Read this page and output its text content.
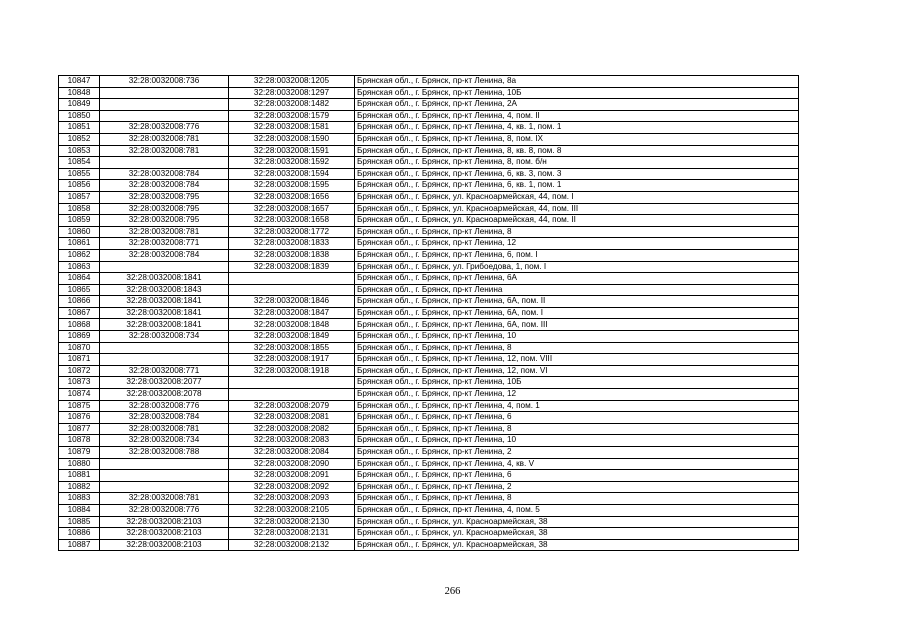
10847	32:28:0032008:736	32:28:0032008:1205	Брянская обл., г. Брянск, пр-кт Ленина, 8а
10848		32:28:0032008:1297	Брянская обл., г. Брянск, пр-кт Ленина, 10Б
10849		32:28:0032008:1482	Брянская обл., г. Брянск, пр-кт Ленина, 2А
10850		32:28:0032008:1579	Брянская обл., г. Брянск, пр-кт Ленина, 4, пом. II
10851	32:28:0032008:776	32:28:0032008:1581	Брянская обл., г. Брянск, пр-кт Ленина, 4, кв. 1, пом. 1
10852	32:28:0032008:781	32:28:0032008:1590	Брянская обл., г. Брянск, пр-кт Ленина, 8, пом. IX
10853	32:28:0032008:781	32:28:0032008:1591	Брянская обл., г. Брянск, пр-кт Ленина, 8, кв. 8, пом. 8
10854		32:28:0032008:1592	Брянская обл., г. Брянск, пр-кт Ленина, 8, пом. б/н
10855	32:28:0032008:784	32:28:0032008:1594	Брянская обл., г. Брянск, пр-кт Ленина, 6, кв. 3, пом. 3
10856	32:28:0032008:784	32:28:0032008:1595	Брянская обл., г. Брянск, пр-кт Ленина, 6, кв. 1, пом. 1
10857	32:28:0032008:795	32:28:0032008:1656	Брянская обл., г. Брянск, ул. Красноармейская, 44, пом. I
10858	32:28:0032008:795	32:28:0032008:1657	Брянская обл., г. Брянск, ул. Красноармейская, 44, пом. III
10859	32:28:0032008:795	32:28:0032008:1658	Брянская обл., г. Брянск, ул. Красноармейская, 44, пом. II
10860	32:28:0032008:781	32:28:0032008:1772	Брянская обл., г. Брянск, пр-кт Ленина, 8
10861	32:28:0032008:771	32:28:0032008:1833	Брянская обл., г. Брянск, пр-кт Ленина, 12
10862	32:28:0032008:784	32:28:0032008:1838	Брянская обл., г. Брянск, пр-кт Ленина, 6, пом. I
10863		32:28:0032008:1839	Брянская обл., г. Брянск, ул. Грибоедова, 1, пом. I
10864	32:28:0032008:1841		Брянская обл., г. Брянск, пр-кт Ленина, 6А
10865	32:28:0032008:1843		Брянская обл., г. Брянск, пр-кт Ленина
10866	32:28:0032008:1841	32:28:0032008:1846	Брянская обл., г. Брянск, пр-кт Ленина, 6А, пом. II
10867	32:28:0032008:1841	32:28:0032008:1847	Брянская обл., г. Брянск, пр-кт Ленина, 6А, пом. I
10868	32:28:0032008:1841	32:28:0032008:1848	Брянская обл., г. Брянск, пр-кт Ленина, 6А, пом. III
10869	32:28:0032008:734	32:28:0032008:1849	Брянская обл., г. Брянск, пр-кт Ленина, 10
10870		32:28:0032008:1855	Брянская обл., г. Брянск, пр-кт Ленина, 8
10871		32:28:0032008:1917	Брянская обл., г. Брянск, пр-кт Ленина, 12, пом. VIII
10872	32:28:0032008:771	32:28:0032008:1918	Брянская обл., г. Брянск, пр-кт Ленина, 12, пом. VI
10873	32:28:0032008:2077		Брянская обл., г. Брянск, пр-кт Ленина, 10Б
10874	32:28:0032008:2078		Брянская обл., г. Брянск, пр-кт Ленина, 12
10875	32:28:0032008:776	32:28:0032008:2079	Брянская обл., г. Брянск, пр-кт Ленина, 4, пом. 1
10876	32:28:0032008:784	32:28:0032008:2081	Брянская обл., г. Брянск, пр-кт Ленина, 6
10877	32:28:0032008:781	32:28:0032008:2082	Брянская обл., г. Брянск, пр-кт Ленина, 8
10878	32:28:0032008:734	32:28:0032008:2083	Брянская обл., г. Брянск, пр-кт Ленина, 10
10879	32:28:0032008:788	32:28:0032008:2084	Брянская обл., г. Брянск, пр-кт Ленина, 2
10880		32:28:0032008:2090	Брянская обл., г. Брянск, пр-кт Ленина, 4, кв. V
10881		32:28:0032008:2091	Брянская обл., г. Брянск, пр-кт Ленина, 6
10882		32:28:0032008:2092	Брянская обл., г. Брянск, пр-кт Ленина, 2
10883	32:28:0032008:781	32:28:0032008:2093	Брянская обл., г. Брянск, пр-кт Ленина, 8
10884	32:28:0032008:776	32:28:0032008:2105	Брянская обл., г. Брянск, пр-кт Ленина, 4, пом. 5
10885	32:28:0032008:2103	32:28:0032008:2130	Брянская обл., г. Брянск, ул. Красноармейская, 38
10886	32:28:0032008:2103	32:28:0032008:2131	Брянская обл., г. Брянск, ул. Красноармейская, 38
10887	32:28:0032008:2103	32:28:0032008:2132	Брянская обл., г. Брянск, ул. Красноармейская, 38
266
